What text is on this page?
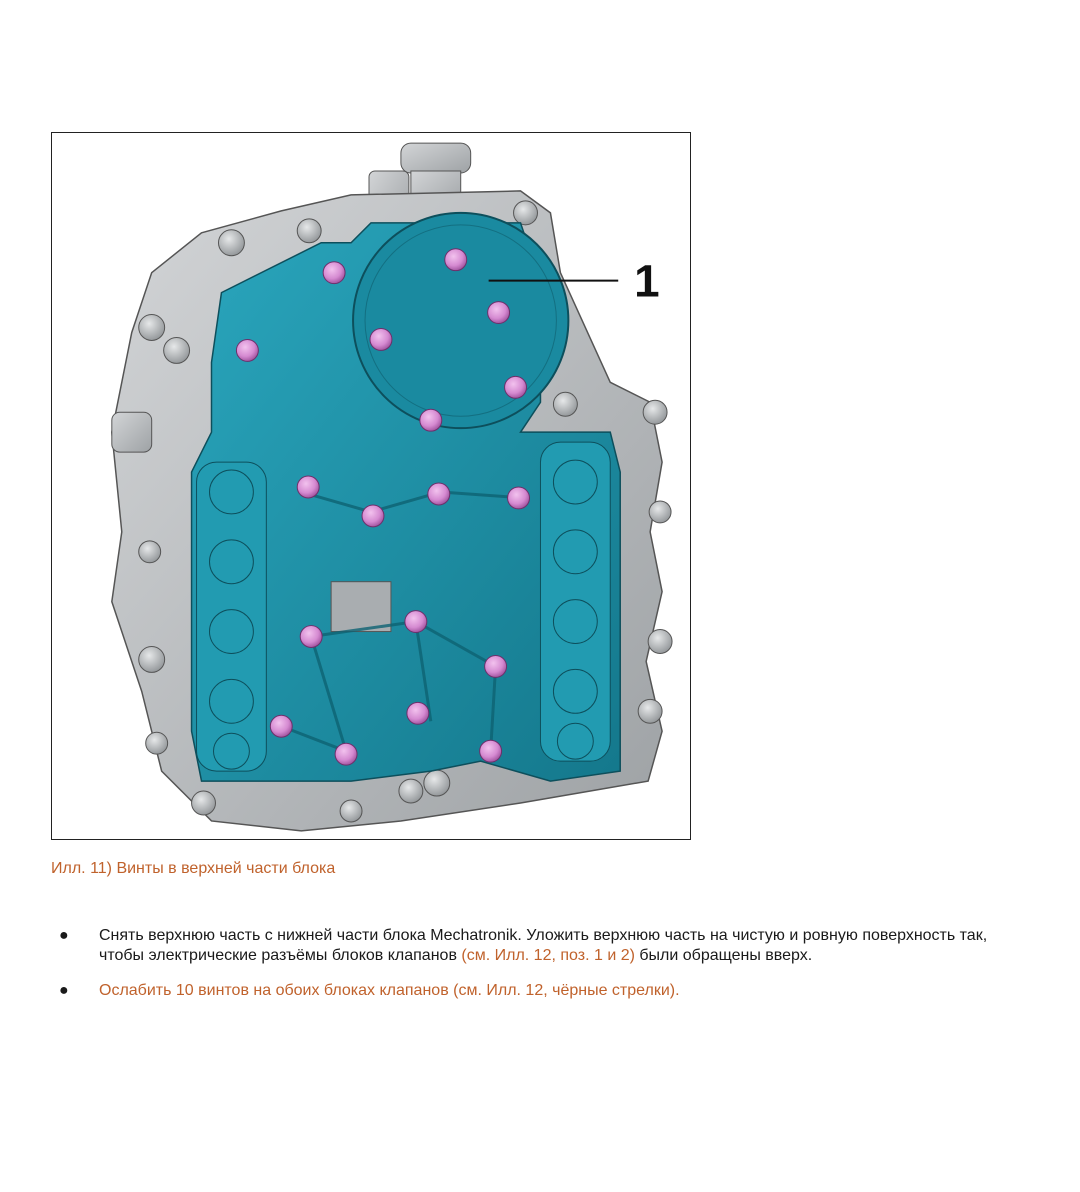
1
Илл. 11) Винты в верхней части блока
● Снять верхнюю часть с нижней части блока Mechatronik. Уложить верхнюю часть на чистую и ровную поверхность так, чтобы электрические разъёмы блоков клапанов (см. Илл. 12, поз. 1 и 2) были обращены вверх.
● Ослабить 10 винтов на обоих блоках клапанов (см. Илл. 12, чёрные стрелки).
